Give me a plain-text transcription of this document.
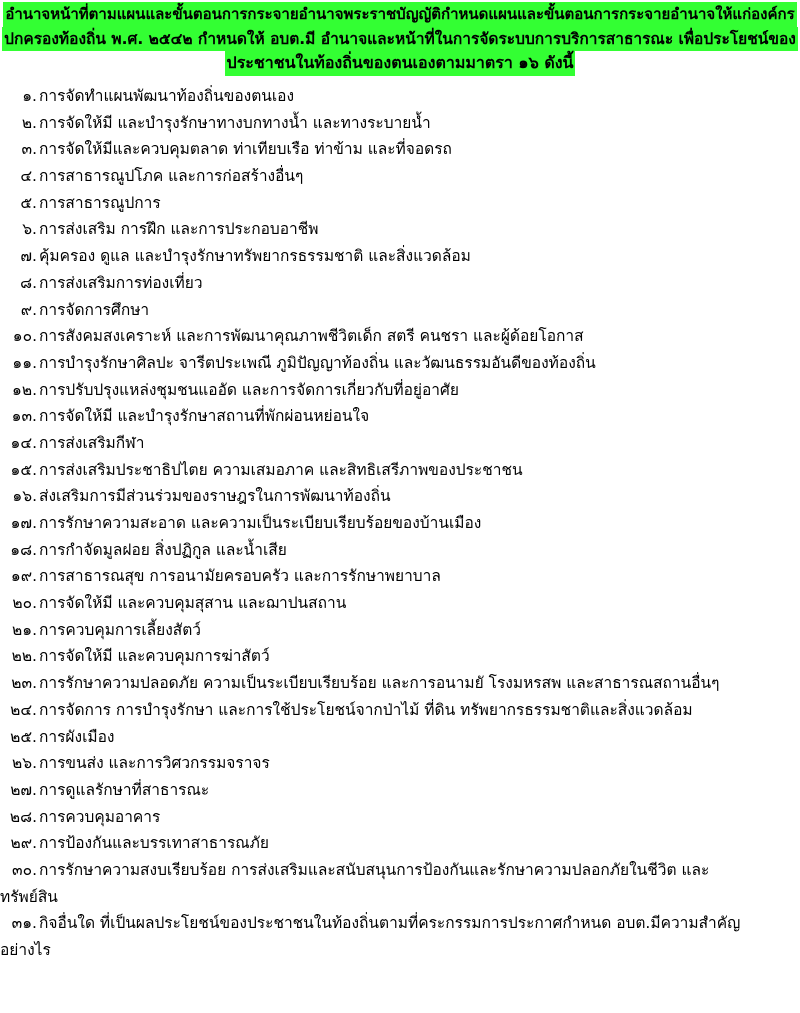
อำนาจหน้าที่ตามแผนและขั้นตอนการกระจายอำนาจพระราชบัญญัติกำหนดแผนและขั้นตอนการกระจายอำนาจให้แก่องค์กร
ปกครองท้องถิ่น พ.ศ. ๒๕๔๒ กำหนดให้ อบต.มี อำนาจและหน้าที่ในการจัดระบบการบริการสาธารณะ เพื่อประโยชน์ของ
ประชาชนในท้องถิ่นของตนเองตามมาตรา ๑๖ ดังนี้
๑. การจัดทำแผนพัฒนาท้องถิ่นของตนเอง
๒. การจัดให้มี และบำรุงรักษาทางบกทางน้ำ และทางระบายน้ำ
๓. การจัดให้มีและควบคุมตลาด ท่าเทียบเรือ ท่าข้าม และที่จอดรถ
๔. การสาธารณูปโภค และการก่อสร้างอื่นๆ
๕. การสาธารณูปการ
๖. การส่งเสริม การฝึก และการประกอบอาชีพ
๗. คุ้มครอง ดูแล และบำรุงรักษาทรัพยากรธรรมชาติ และสิ่งแวดล้อม
๘. การส่งเสริมการท่องเที่ยว
๙. การจัดการศึกษา
๑๐. การสังคมสงเคราะห์ และการพัฒนาคุณภาพชีวิตเด็ก สตรี คนชรา และผู้ด้อยโอกาส
๑๑. การบำรุงรักษาศิลปะ จารีตประเพณี ภูมิปัญญาท้องถิ่น และวัฒนธรรมอันดีของท้องถิ่น
๑๒. การปรับปรุงแหล่งชุมชนแออัด และการจัดการเกี่ยวกับที่อยู่อาศัย
๑๓. การจัดให้มี และบำรุงรักษาสถานที่พักผ่อนหย่อนใจ
๑๔. การส่งเสริมกีฬา
๑๕. การส่งเสริมประชาธิปไตย ความเสมอภาค และสิทธิเสรีภาพของประชาชน
๑๖. ส่งเสริมการมีส่วนร่วมของราษฎรในการพัฒนาท้องถิ่น
๑๗. การรักษาความสะอาด และความเป็นระเบียบเรียบร้อยของบ้านเมือง
๑๘. การกำจัดมูลฝอย สิ่งปฏิกูล และน้ำเสีย
๑๙. การสาธารณสุข การอนามัยครอบครัว และการรักษาพยาบาล
๒๐. การจัดให้มี และควบคุมสุสาน และฌาปนสถาน
๒๑. การควบคุมการเลี้ยงสัตว์
๒๒. การจัดให้มี และควบคุมการฆ่าสัตว์
๒๓. การรักษาความปลอดภัย ความเป็นระเบียบเรียบร้อย และการอนามยั โรงมหรสพ และสาธารณสถานอื่นๆ
๒๔. การจัดการ การบำรุงรักษา และการใช้ประโยชน์จากป่าไม้ ที่ดิน ทรัพยากรธรรมชาติและสิ่งแวดล้อม
๒๕. การผังเมือง
๒๖. การขนส่ง และการวิศวกรรมจราจร
๒๗. การดูแลรักษาที่สาธารณะ
๒๘. การควบคุมอาคาร
๒๙. การป้องกันและบรรเทาสาธารณภัย
๓๐. การรักษาความสงบเรียบร้อย การส่งเสริมและสนับสนุนการป้องกันและรักษาความปลอกภัยในชีวิต และ
ทรัพย์สิน
๓๑. กิจอื่นใด ที่เป็นผลประโยชน์ของประชาชนในท้องถิ่นตามที่คระกรรมการประกาศกำหนด อบต.มีความสำคัญ
อย่างไร
